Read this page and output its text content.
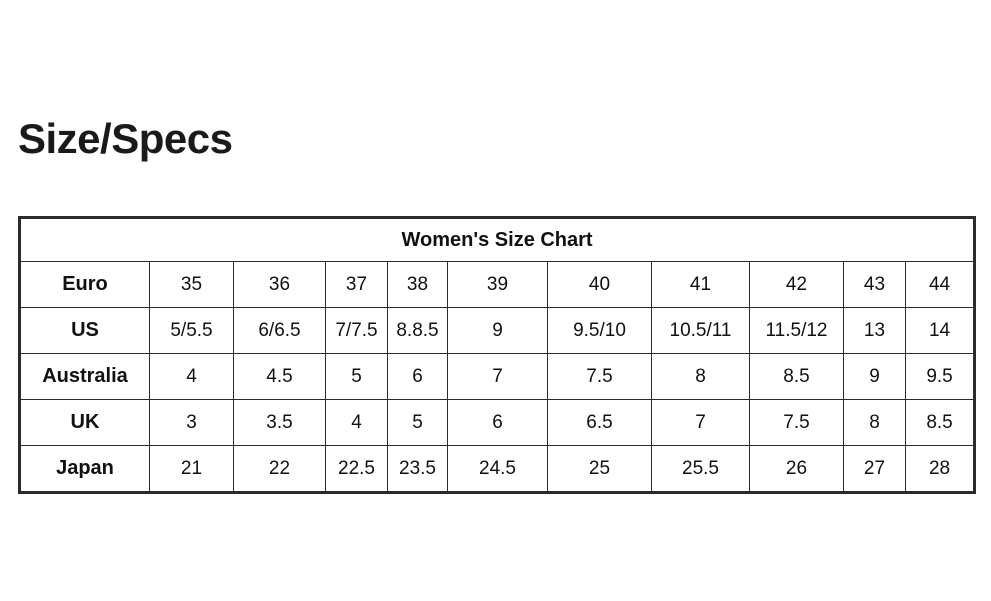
Size/Specs
Women's Size Chart										
Euro	35	36	37	38	39	40	41	42	43	44
US	5/5.5	6/6.5	7/7.5	8.8.5	9	9.5/10	10.5/11	11.5/12	13	14
Australia	4	4.5	5	6	7	7.5	8	8.5	9	9.5
UK	3	3.5	4	5	6	6.5	7	7.5	8	8.5
Japan	21	22	22.5	23.5	24.5	25	25.5	26	27	28
